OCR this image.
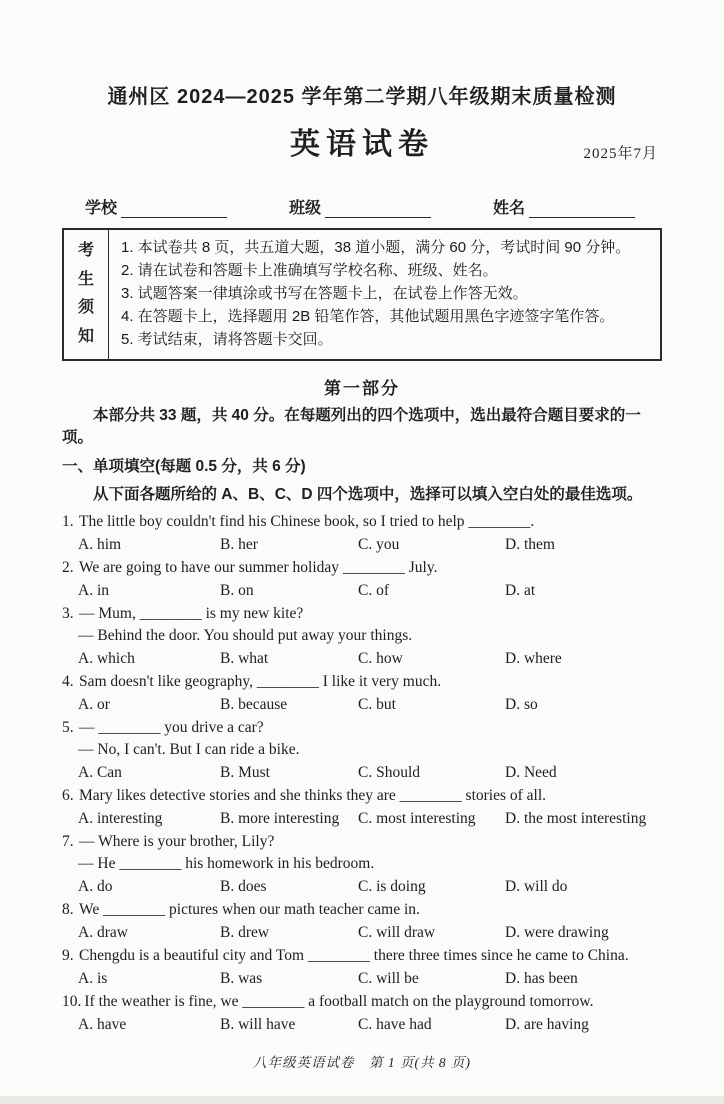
通州区 2024—2025 学年第二学期八年级期末质量检测
英语试卷	2025年7月
学校	班级	姓名
考生须知
1. 本试卷共 8 页，共五道大题，38 道小题，满分 60 分，考试时间 90 分钟。
2. 请在试卷和答题卡上准确填写学校名称、班级、姓名。
3. 试题答案一律填涂或书写在答题卡上，在试卷上作答无效。
4. 在答题卡上，选择题用 2B 铅笔作答，其他试题用黑色字迹签字笔作答。
5. 考试结束，请将答题卡交回。
第一部分
本部分共 33 题，共 40 分。在每题列出的四个选项中，选出最符合题目要求的一项。
一、单项填空(每题 0.5 分，共 6 分)
从下面各题所给的 A、B、C、D 四个选项中，选择可以填入空白处的最佳选项。
1. The little boy couldn't find his Chinese book, so I tried to help ________.
A. him	B. her	C. you	D. them
2. We are going to have our summer holiday ________ July.
A. in	B. on	C. of	D. at
3. — Mum, ________ is my new kite?
— Behind the door. You should put away your things.
A. which	B. what	C. how	D. where
4. Sam doesn't like geography, ________ I like it very much.
A. or	B. because	C. but	D. so
5. — ________ you drive a car?
— No, I can't. But I can ride a bike.
A. Can	B. Must	C. Should	D. Need
6. Mary likes detective stories and she thinks they are ________ stories of all.
A. interesting	B. more interesting	C. most interesting	D. the most interesting
7. — Where is your brother, Lily?
— He ________ his homework in his bedroom.
A. do	B. does	C. is doing	D. will do
8. We ________ pictures when our math teacher came in.
A. draw	B. drew	C. will draw	D. were drawing
9. Chengdu is a beautiful city and Tom ________ there three times since he came to China.
A. is	B. was	C. will be	D. has been
10. If the weather is fine, we ________ a football match on the playground tomorrow.
A. have	B. will have	C. have had	D. are having
八年级英语试卷　第 1 页(共 8 页)
